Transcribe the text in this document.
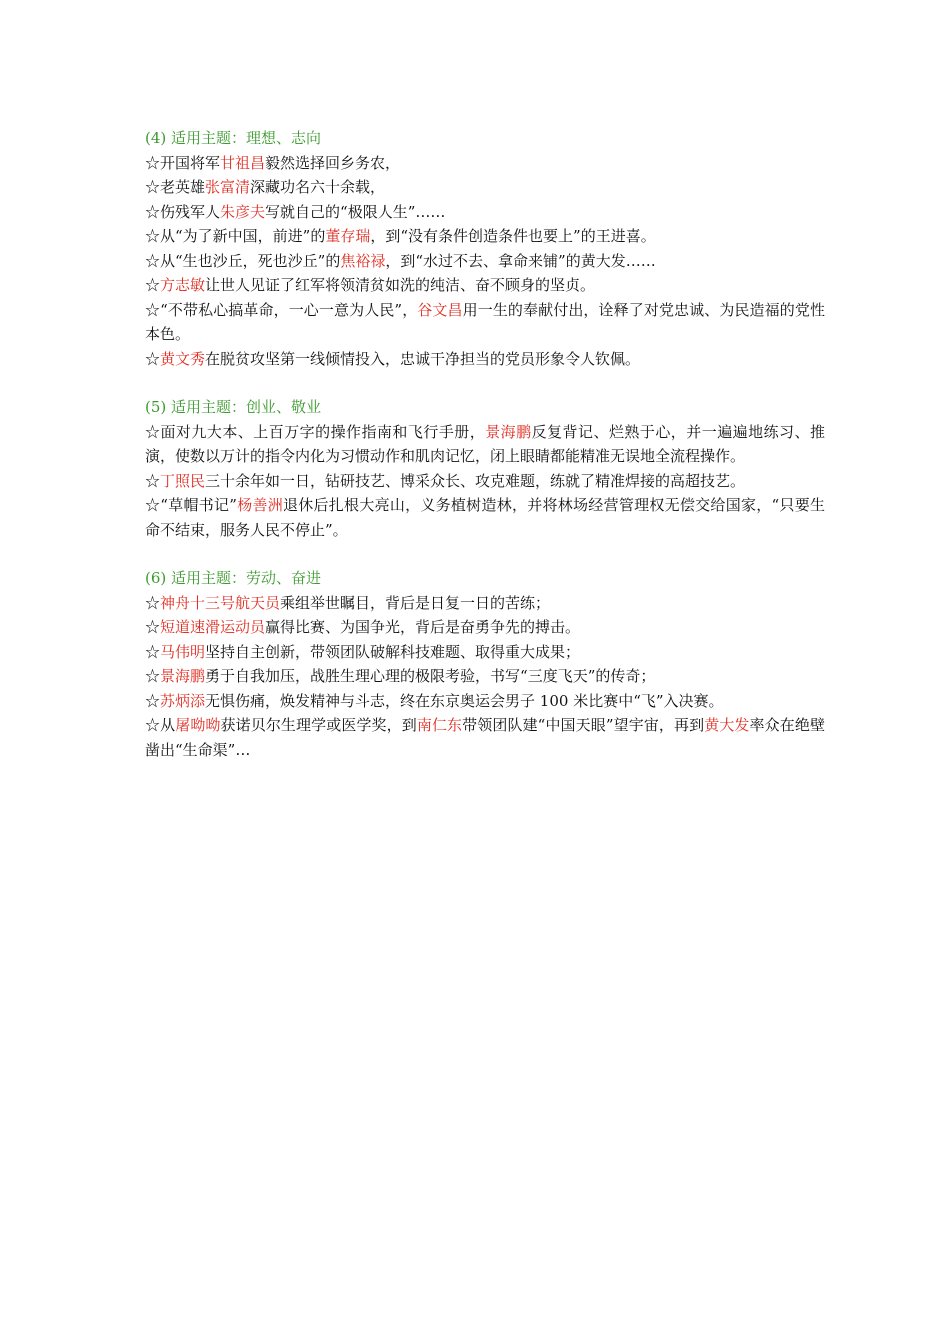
(4) 适用主题：理想、志向

☆开国将军甘祖昌毅然选择回乡务农，

☆老英雄张富清深藏功名六十余载，

☆伤残军人朱彦夫写就自己的“极限人生”……

☆从“为了新中国，前进”的董存瑞，到“没有条件创造条件也要上”的王进喜。

☆从“生也沙丘，死也沙丘”的焦裕禄，到“水过不去、拿命来铺”的黄大发……

☆方志敏让世人见证了红军将领清贫如洗的纯洁、奋不顾身的坚贞。

☆“不带私心搞革命，一心一意为人民”，谷文昌用一生的奉献付出，诠释了对党忠诚、为民造福的党性本色。

☆黄文秀在脱贫攻坚第一线倾情投入，忠诚干净担当的党员形象令人钦佩。

(5) 适用主题：创业、敬业

☆面对九大本、上百万字的操作指南和飞行手册，景海鹏反复背记、烂熟于心，并一遍遍地练习、推演，使数以万计的指令内化为习惯动作和肌肉记忆，闭上眼睛都能精准无误地全流程操作。

☆丁照民三十余年如一日，钻研技艺、博采众长、攻克难题，练就了精准焊接的高超技艺。

☆“草帽书记”杨善洲退休后扎根大亮山，义务植树造林，并将林场经营管理权无偿交给国家，“只要生命不结束，服务人民不停止”。

(6) 适用主题：劳动、奋进

☆神舟十三号航天员乘组举世瞩目，背后是日复一日的苦练；

☆短道速滑运动员赢得比赛、为国争光，背后是奋勇争先的搏击。

☆马伟明坚持自主创新，带领团队破解科技难题、取得重大成果；

☆景海鹏勇于自我加压，战胜生理心理的极限考验，书写“三度飞天”的传奇；

☆苏炳添无惧伤痛，焕发精神与斗志，终在东京奥运会男子 100 米比赛中“飞”入决赛。

☆从屠呦呦获诺贝尔生理学或医学奖，到南仁东带领团队建“中国天眼”望宇宙，再到黄大发率众在绝壁凿出“生命渠”…
